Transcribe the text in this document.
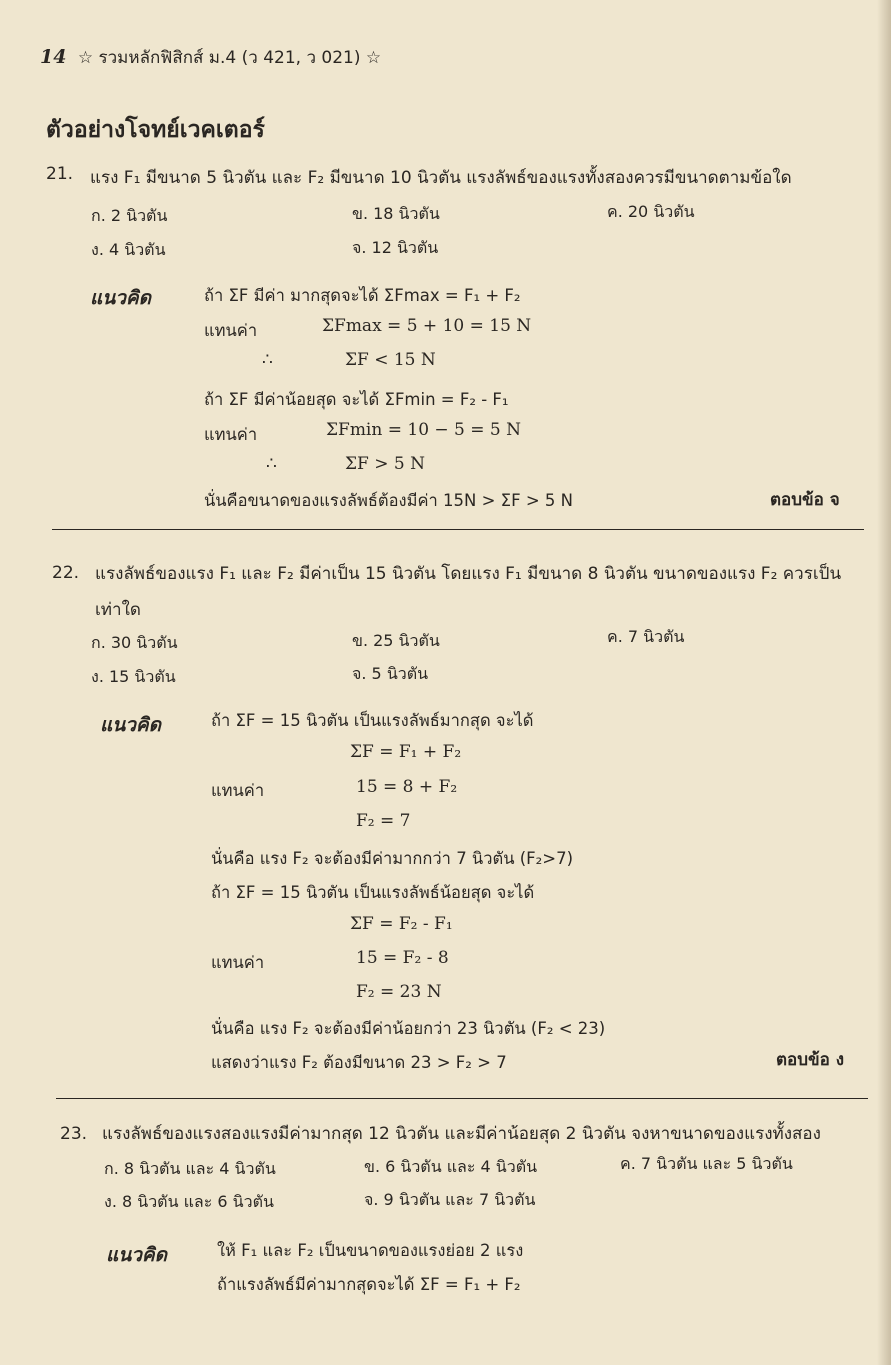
14 ☆ รวมหลักฟิสิกส์ ม.4 (ว 421, ว 021) ☆
ตัวอย่างโจทย์เวคเตอร์
21. แรง F₁ มีขนาด 5 นิวตัน และ F₂ มีขนาด 10 นิวตัน แรงลัพธ์ของแรงทั้งสองควรมีขนาดตามข้อใด
ก. 2 นิวตัน	ข. 18 นิวตัน	ค. 20 นิวตัน
ง. 4 นิวตัน	จ. 12 นิวตัน
แนวคิด	ถ้า ΣF มีค่า มากสุดจะได้ ΣFmax = F₁ + F₂
แทนค่า	ΣFmax = 5 + 10 = 15 N
∴	ΣF < 15 N
ถ้า ΣF มีค่าน้อยสุด จะได้ ΣFmin = F₂ - F₁
แทนค่า	ΣFmin = 10 − 5 = 5 N
∴	ΣF > 5 N
นั่นคือขนาดของแรงลัพธ์ต้องมีค่า 15N > ΣF > 5 N	ตอบข้อ จ
22. แรงลัพธ์ของแรง F₁ และ F₂ มีค่าเป็น 15 นิวตัน โดยแรง F₁ มีขนาด 8 นิวตัน ขนาดของแรง F₂ ควรเป็น
เท่าใด
ก. 30 นิวตัน	ข. 25 นิวตัน	ค. 7 นิวตัน
ง. 15 นิวตัน	จ. 5 นิวตัน
แนวคิด	ถ้า ΣF = 15 นิวตัน เป็นแรงลัพธ์มากสุด จะได้
ΣF = F₁ + F₂
แทนค่า	15 = 8 + F₂
F₂ = 7
นั่นคือ แรง F₂ จะต้องมีค่ามากกว่า 7 นิวตัน (F₂>7)
ถ้า ΣF = 15 นิวตัน เป็นแรงลัพธ์น้อยสุด จะได้
ΣF = F₂ - F₁
แทนค่า	15 = F₂ - 8
F₂ = 23 N
นั่นคือ แรง F₂ จะต้องมีค่าน้อยกว่า 23 นิวตัน (F₂ < 23)
แสดงว่าแรง F₂ ต้องมีขนาด 23 > F₂ > 7	ตอบข้อ ง
23. แรงลัพธ์ของแรงสองแรงมีค่ามากสุด 12 นิวตัน และมีค่าน้อยสุด 2 นิวตัน จงหาขนาดของแรงทั้งสอง
ก. 8 นิวตัน และ 4 นิวตัน	ข. 6 นิวตัน และ 4 นิวตัน	ค. 7 นิวตัน และ 5 นิวตัน
ง. 8 นิวตัน และ 6 นิวตัน	จ. 9 นิวตัน และ 7 นิวตัน
แนวคิด	ให้ F₁ และ F₂ เป็นขนาดของแรงย่อย 2 แรง
ถ้าแรงลัพธ์มีค่ามากสุดจะได้ ΣF = F₁ + F₂
